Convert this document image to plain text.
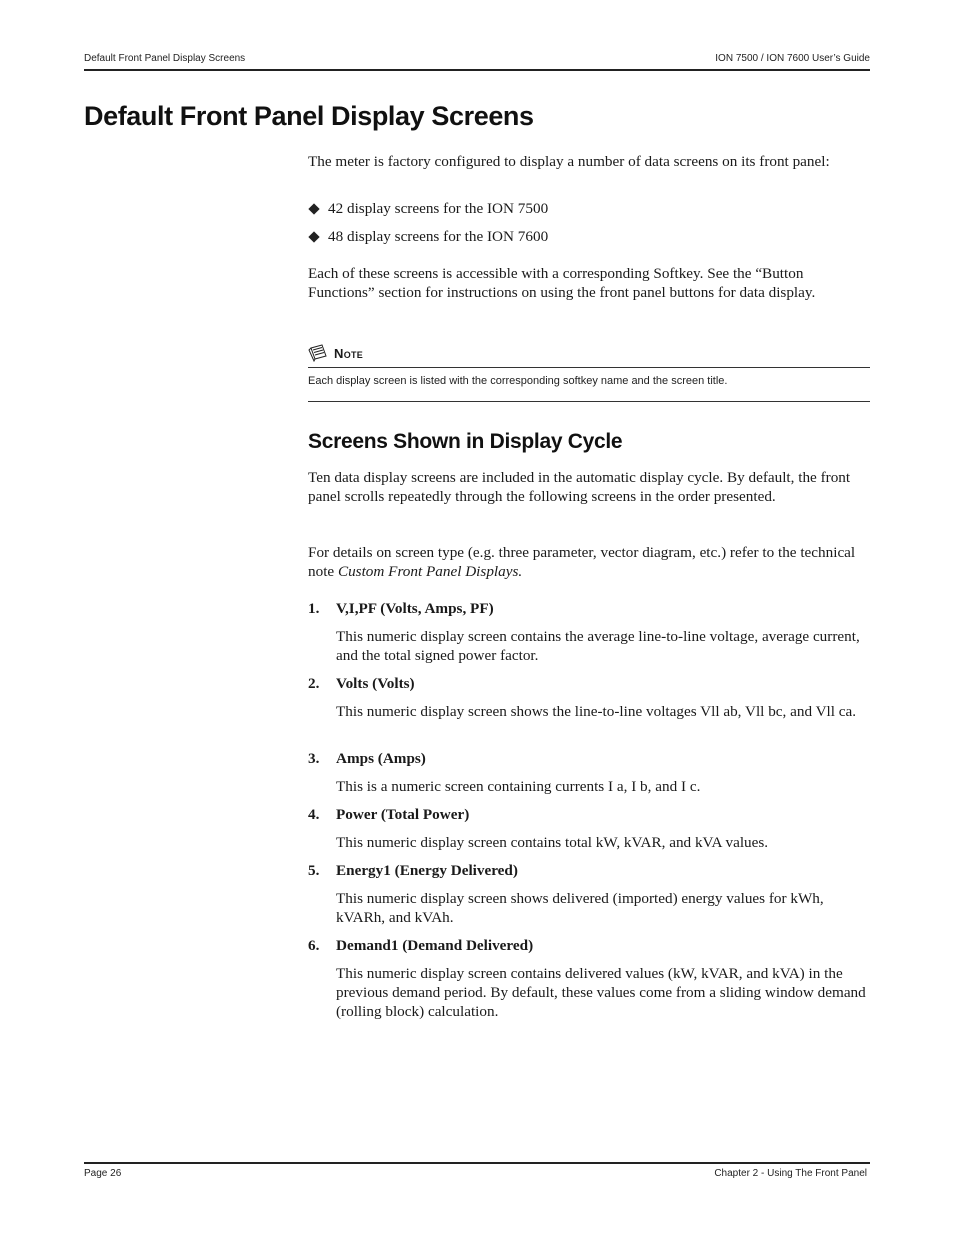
Default Front Panel Display Screens	ION 7500 / ION 7600 User’s Guide
Default Front Panel Display Screens

The meter is factory configured to display a number of data screens on its front panel:

42 display screens for the ION 7500
48 display screens for the ION 7600

Each of these screens is accessible with a corresponding Softkey. See the “Button Functions” section for instructions on using the front panel buttons for data display.

Note
Each display screen is listed with the corresponding softkey name and the screen title.
Screens Shown in Display Cycle

Ten data display screens are included in the automatic display cycle. By default, the front panel scrolls repeatedly through the following screens in the order presented.

For details on screen type (e.g. three parameter, vector diagram, etc.) refer to the technical note Custom Front Panel Displays.

1. V,I,PF (Volts, Amps, PF)

This numeric display screen contains the average line-to-line voltage, average current, and the total signed power factor.

2. Volts (Volts)

This numeric display screen shows the line-to-line voltages Vll ab, Vll bc, and Vll ca.

3. Amps (Amps)

This is a numeric screen containing currents I a, I b, and I c.

4. Power (Total Power)

This numeric display screen contains total kW, kVAR, and kVA values.

5. Energy1 (Energy Delivered)

This numeric display screen shows delivered (imported) energy values for kWh, kVARh, and kVAh.

6. Demand1 (Demand Delivered)

This numeric display screen contains delivered values (kW, kVAR, and kVA) in the previous demand period. By default, these values come from a sliding window demand (rolling block) calculation.

Page 26	Chapter 2 - Using The Front Panel
